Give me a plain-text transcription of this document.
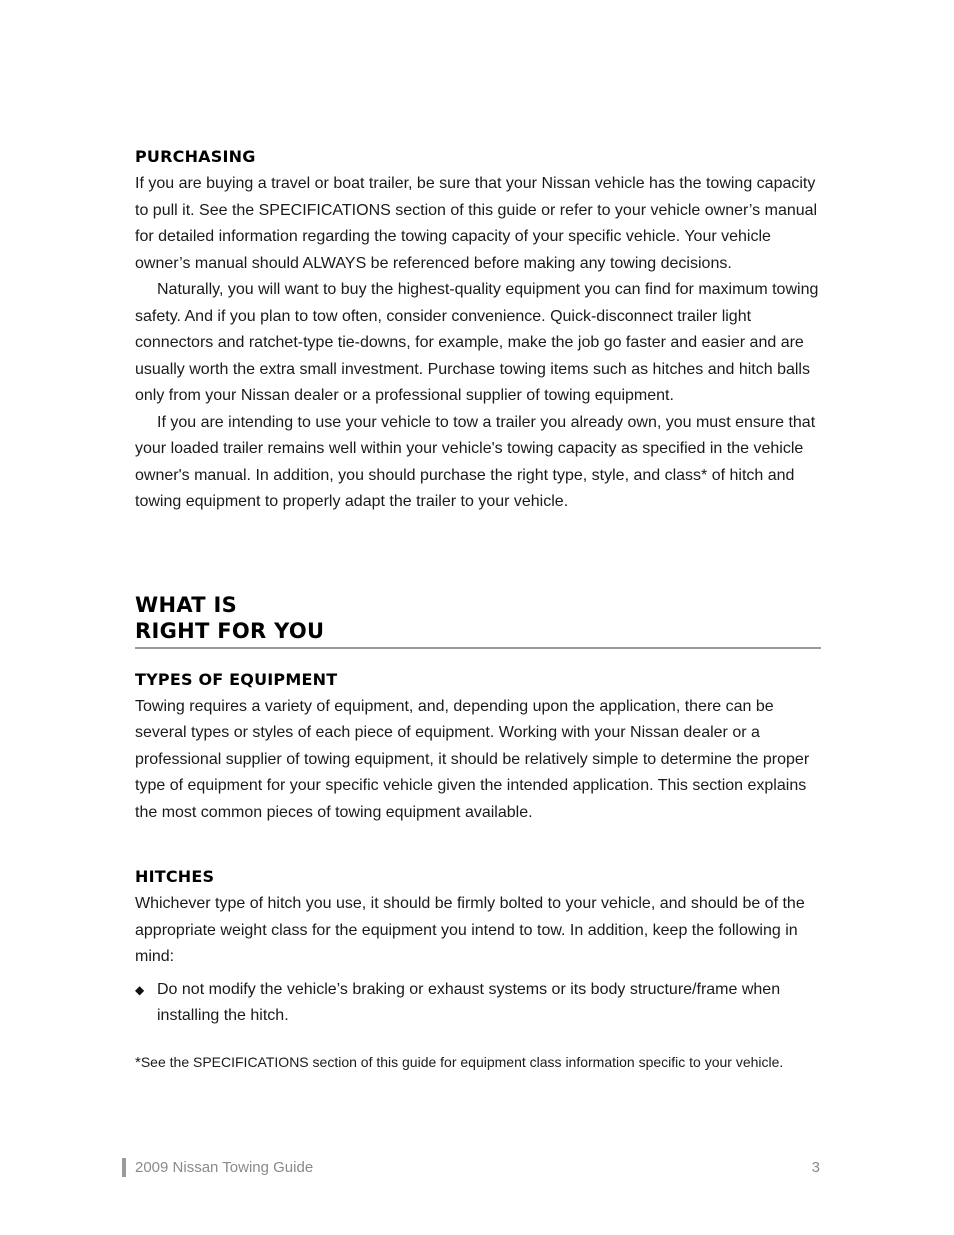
PURCHASING

If you are buying a travel or boat trailer, be sure that your Nissan vehicle has the towing capacity to pull it. See the SPECIFICATIONS section of this guide or refer to your vehicle owner’s manual for detailed information regarding the towing capacity of your specific vehicle. Your vehicle owner’s manual should ALWAYS be referenced before making any towing decisions.

Naturally, you will want to buy the highest-quality equipment you can find for maximum towing safety. And if you plan to tow often, consider convenience. Quick-disconnect trailer light connectors and ratchet-type tie-downs, for example, make the job go faster and easier and are usually worth the extra small investment. Purchase towing items such as hitches and hitch balls only from your Nissan dealer or a professional supplier of towing equipment.

If you are intending to use your vehicle to tow a trailer you already own, you must ensure that your loaded trailer remains well within your vehicle's towing capacity as specified in the vehicle owner's manual. In addition, you should purchase the right type, style, and class* of hitch and towing equipment to properly adapt the trailer to your vehicle.

WHAT IS
RIGHT FOR YOU
TYPES OF EQUIPMENT

Towing requires a variety of equipment, and, depending upon the application, there can be several types or styles of each piece of equipment. Working with your Nissan dealer or a professional supplier of towing equipment, it should be relatively simple to determine the proper type of equipment for your specific vehicle given the intended application. This section explains the most common pieces of towing equipment available.

HITCHES

Whichever type of hitch you use, it should be firmly bolted to your vehicle, and should be of the appropriate weight class for the equipment you intend to tow. In addition, keep the following in mind:

◆ Do not modify the vehicle’s braking or exhaust systems or its body structure/frame when installing the hitch.

*See the SPECIFICATIONS section of this guide for equipment class information specific to your vehicle.

2009 Nissan Towing Guide	3
